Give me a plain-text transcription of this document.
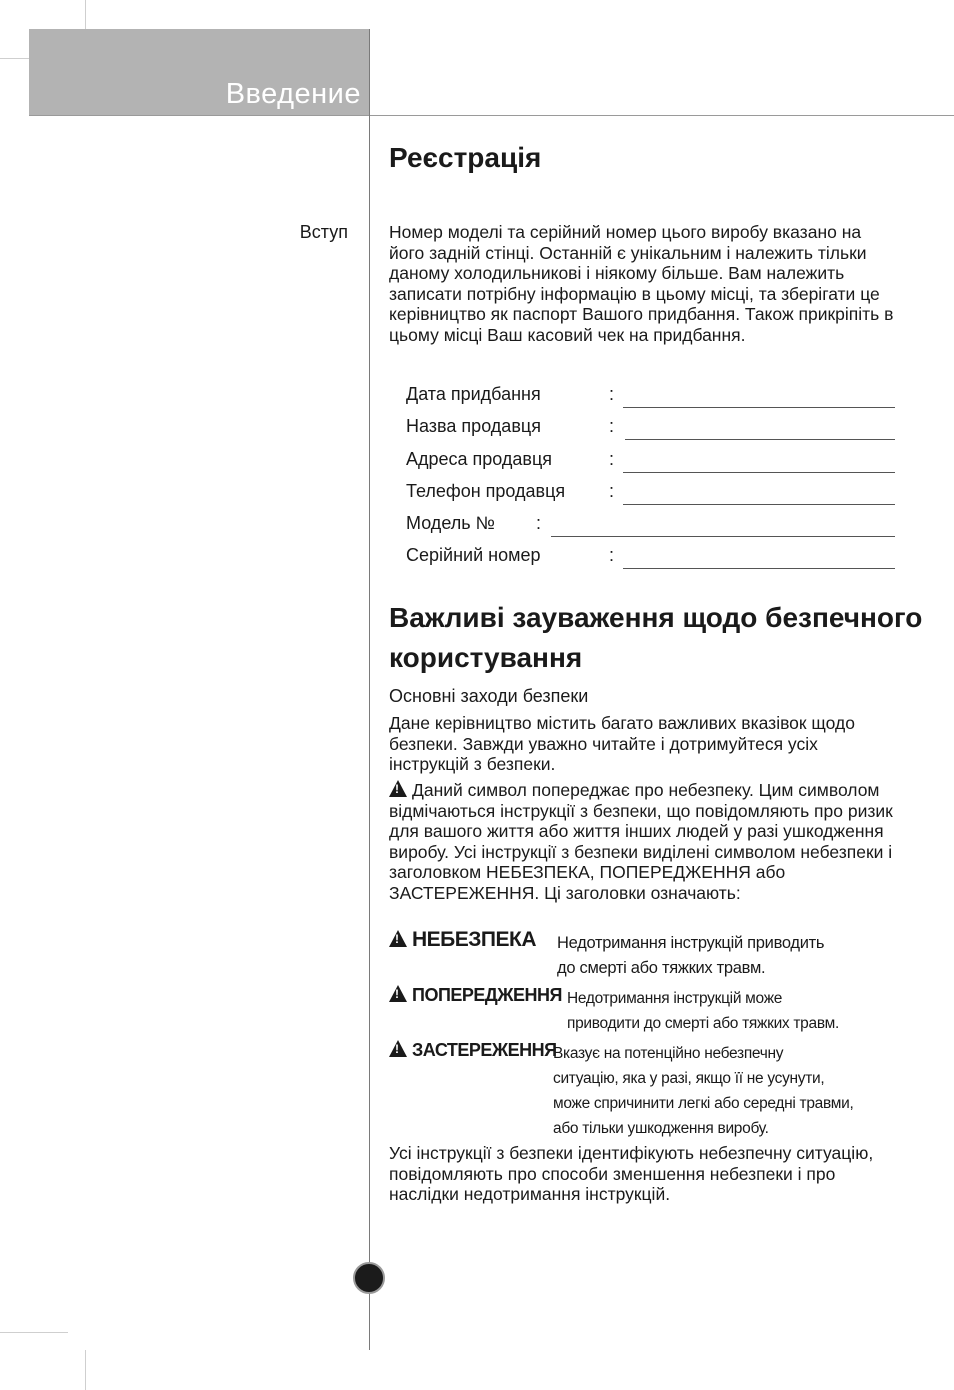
Введение
Реєстрація
Вступ Номер моделі та серійний номер цього виробу вказано на його задній стінці. Останній є унікальним і належить тільки даному холодильникові і ніякому більше. Вам належить записати потрібну інформацію в цьому місці, та зберігати це керівництво як паспорт Вашого придбання. Також прикріпіть в цьому місці Ваш касовий чек на придбання.
Дата придбання	:
Назва продавця	:
Адреса продавця	:
Телефон продавця :
Модель № :
Серійний номер	:
Важливі зауваження щодо безпечного користування
Основні заходи безпеки
Дане керівництво містить багато важливих вказівок щодо безпеки. Завжди уважно читайте і дотримуйтеся усіх інструкцій з безпеки.
!Даний символ попереджає про небезпеку. Цим символом відмічаються інструкції з безпеки, що повідомляють про ризик для вашого життя або життя інших людей у разі ушкодження виробу. Усі інструкції з безпеки виділені символом небезпеки і заголовком НЕБЕЗПЕКА, ПОПЕРЕДЖЕННЯ або ЗАСТЕРЕЖЕННЯ. Ці заголовки означають:
!НЕБЕЗПЕКА Недотримання інструкцій приводить
до смерті або тяжких травм.
!ПОПЕРЕДЖЕННЯ Недотримання інструкцій може
приводити до смерті або тяжких травм.
!ЗАСТЕРЕЖЕННЯ
Вказує на потенційно небезпечну
ситуацію, яка у разі, якщо її не усунути,
може спричинити легкі або середні травми,
або тільки ушкодження виробу.
Усі інструкції з безпеки ідентифікують небезпечну ситуацію, повідомляють про способи зменшення небезпеки і про наслідки недотримання інструкцій.
